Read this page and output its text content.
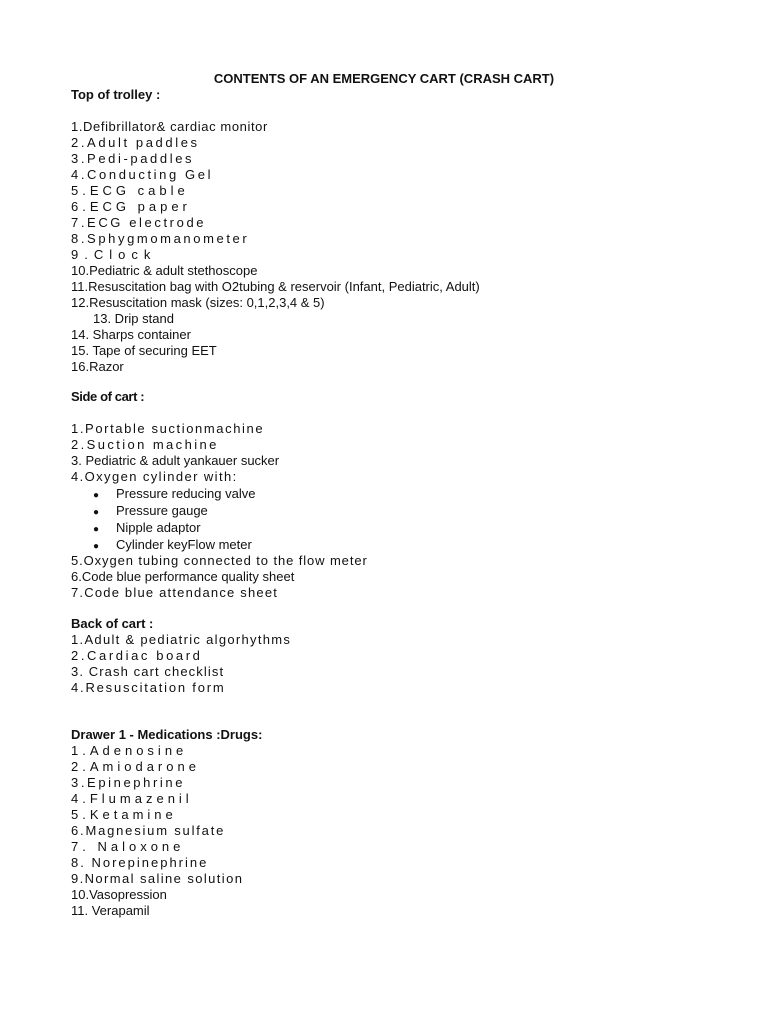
CONTENTS OF AN EMERGENCY CART (CRASH CART)
Top of trolley :
1.Defibrillator& cardiac monitor
2.Adult paddles
3.Pedi-paddles
4.Conducting Gel
5.ECG cable
6.ECG paper
7.ECG electrode
8.Sphygmomanometer
9.Clock
10.Pediatric & adult stethoscope
11.Resuscitation bag with O2tubing & reservoir (Infant, Pediatric, Adult)
12.Resuscitation mask (sizes: 0,1,2,3,4 & 5)
13. Drip stand
14. Sharps container
15. Tape of securing EET
16.Razor
Side of cart :
1.Portable suctionmachine
2.Suction machine
3. Pediatric & adult yankauer sucker
4.Oxygen cylinder with:
● Pressure reducing valve
● Pressure gauge
● Nipple adaptor
● Cylinder keyFlow meter
5.Oxygen tubing connected to the flow meter
6.Code blue performance quality sheet
7.Code blue attendance sheet
Back of cart :
1.Adult & pediatric algorhythms
2.Cardiac board
3. Crash cart checklist
4.Resuscitation form
Drawer 1 - Medications :Drugs:
1.Adenosine
2.Amiodarone
3.Epinephrine
4.Flumazenil
5.Ketamine
6.Magnesium sulfate
7. Naloxone
8. Norepinephrine
9.Normal saline solution
10.Vasopression
11. Verapamil
